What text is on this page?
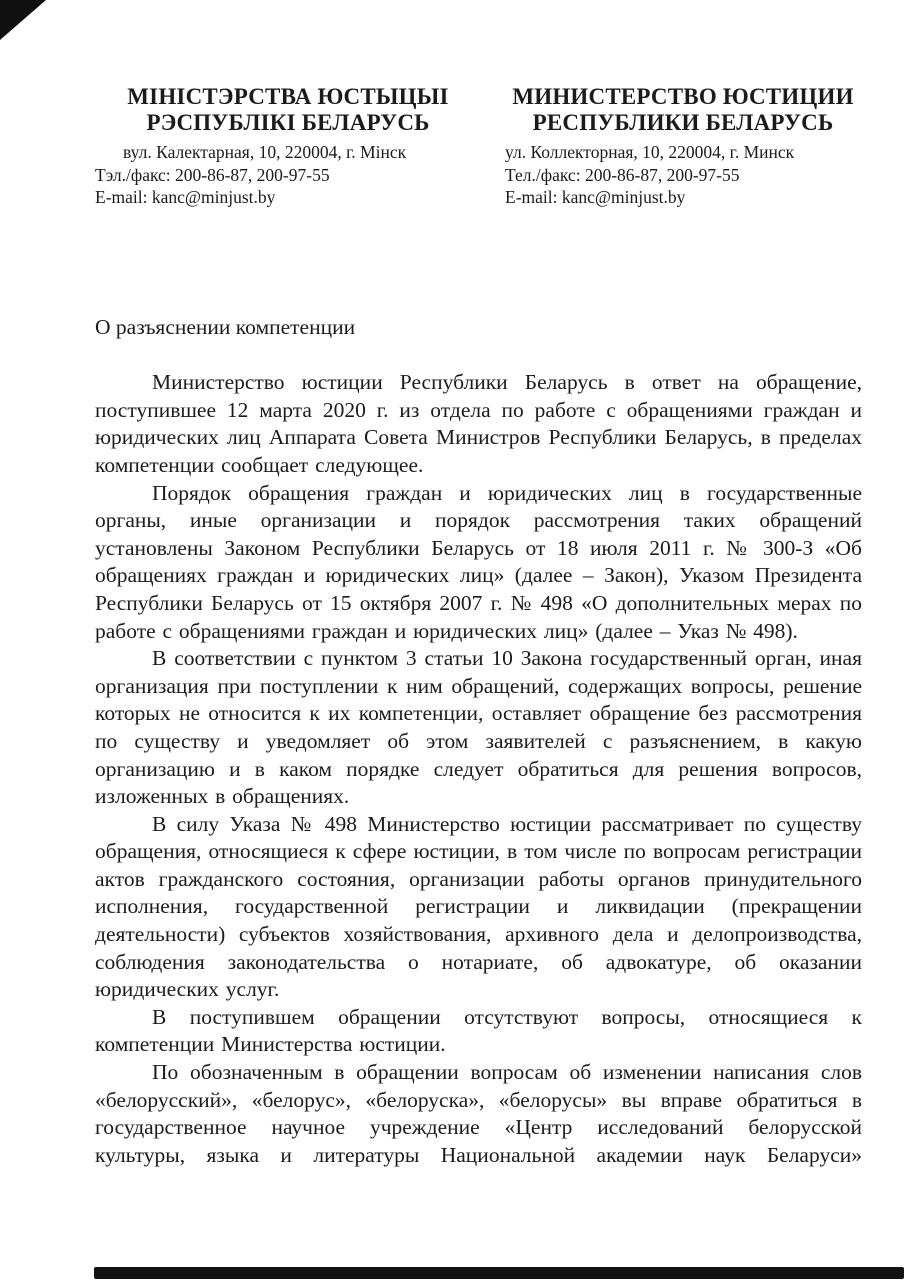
МІНІСТЭРСТВА ЮСТЫЦЫІ
РЭСПУБЛІКІ БЕЛАРУСЬ
вул. Калектарная, 10, 220004, г. Мінск
Тэл./факс: 200-86-87, 200-97-55
E-mail: kanc@minjust.by
МИНИСТЕРСТВО ЮСТИЦИИ
РЕСПУБЛИКИ БЕЛАРУСЬ
ул. Коллекторная, 10, 220004, г. Минск
Тел./факс: 200-86-87, 200-97-55
E-mail: kanc@minjust.by

О разъяснении компетенции

Министерство юстиции Республики Беларусь в ответ на обращение, поступившее 12 марта 2020 г. из отдела по работе с обращениями граждан и юридических лиц Аппарата Совета Министров Республики Беларусь, в пределах компетенции сообщает следующее.

Порядок обращения граждан и юридических лиц в государственные органы, иные организации и порядок рассмотрения таких обращений установлены Законом Республики Беларусь от 18 июля 2011 г. № 300-З «Об обращениях граждан и юридических лиц» (далее – Закон), Указом Президента Республики Беларусь от 15 октября 2007 г. № 498 «О дополнительных мерах по работе с обращениями граждан и юридических лиц» (далее – Указ № 498).

В соответствии с пунктом 3 статьи 10 Закона государственный орган, иная организация при поступлении к ним обращений, содержащих вопросы, решение которых не относится к их компетенции, оставляет обращение без рассмотрения по существу и уведомляет об этом заявителей с разъяснением, в какую организацию и в каком порядке следует обратиться для решения вопросов, изложенных в обращениях.

В силу Указа № 498 Министерство юстиции рассматривает по существу обращения, относящиеся к сфере юстиции, в том числе по вопросам регистрации актов гражданского состояния, организации работы органов принудительного исполнения, государственной регистрации и ликвидации (прекращении деятельности) субъектов хозяйствования, архивного дела и делопроизводства, соблюдения законодательства о нотариате, об адвокатуре, об оказании юридических услуг.

В поступившем обращении отсутствуют вопросы, относящиеся к компетенции Министерства юстиции.

По обозначенным в обращении вопросам об изменении написания слов «белорусский», «белорус», «белоруска», «белорусы» вы вправе обратиться в государственное научное учреждение «Центр исследований белорусской культуры, языка и литературы Национальной академии наук Беларуси»
